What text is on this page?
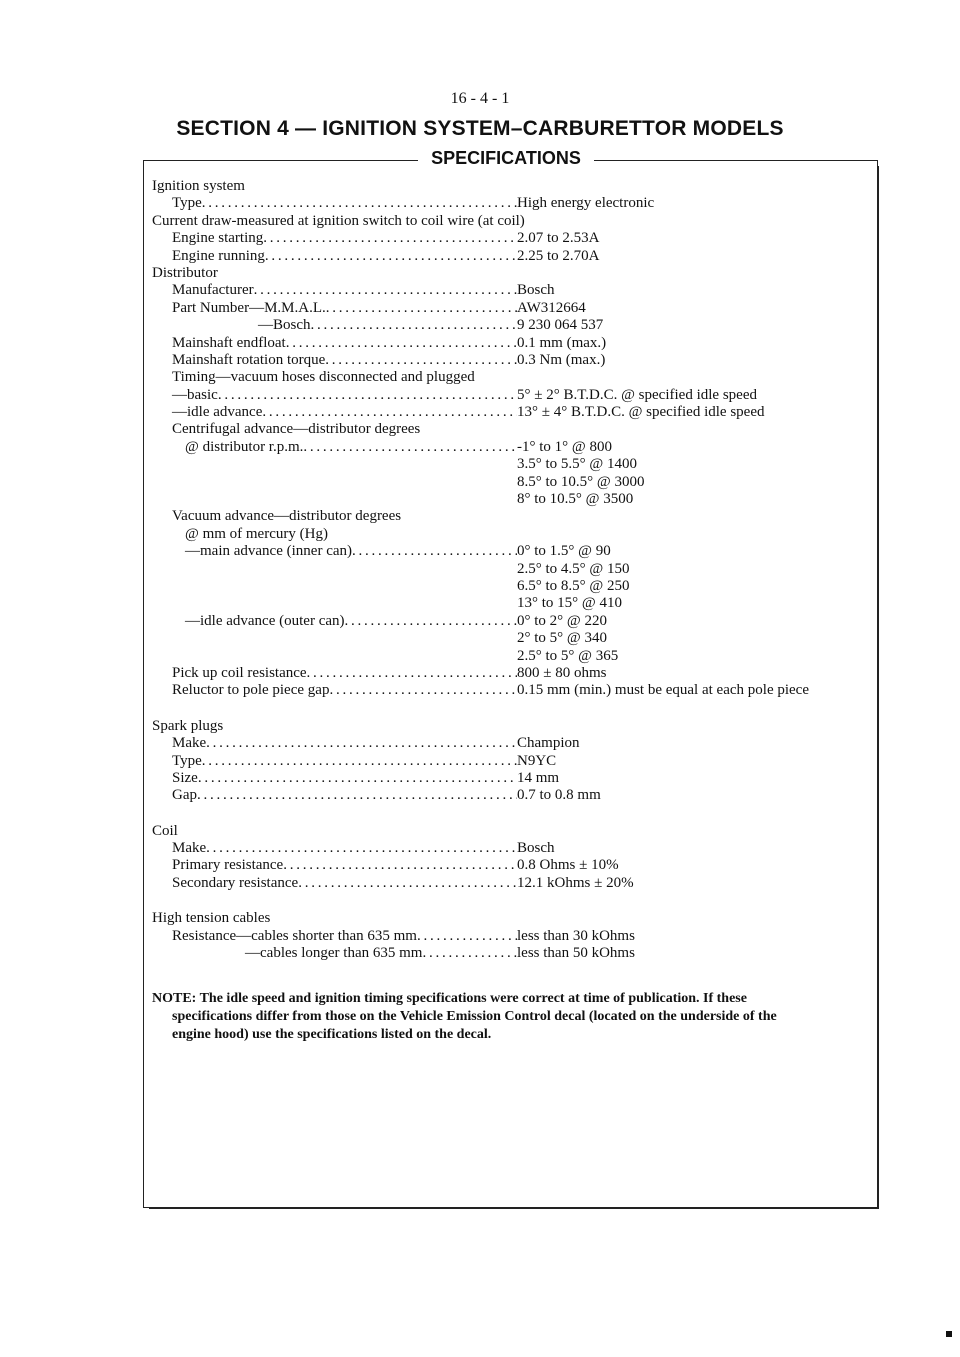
16 - 4 - 1
SECTION 4 — IGNITION SYSTEM–CARBURETTOR MODELS
SPECIFICATIONS
Ignition system
Type . . .	High energy electronic
Current draw-measured at ignition switch to coil wire (at coil)
Engine starting . . .	2.07 to 2.53A
Engine running . . .	2.25 to 2.70A
Distributor
Manufacturer . . .	Bosch
Part Number—M.M.A.L. . . .	AW312664
—Bosch . . .	9 230 064 537
Mainshaft endfloat . . .	0.1 mm (max.)
Mainshaft rotation torque . . .	0.3 Nm (max.)
Timing—vacuum hoses disconnected and plugged
—basic . . .	5° ± 2° B.T.D.C. @ specified idle speed
—idle advance . . .	13° ± 4° B.T.D.C. @ specified idle speed
Centrifugal advance—distributor degrees
@ distributor r.p.m. . . .	-1° to 1° @ 800
3.5° to 5.5° @ 1400
8.5° to 10.5° @ 3000
8° to 10.5° @ 3500
Vacuum advance—distributor degrees
@ mm of mercury (Hg)
—main advance (inner can) . . .	0° to 1.5° @ 90
2.5° to 4.5° @ 150
6.5° to 8.5° @ 250
13° to 15° @ 410
—idle advance (outer can) . . .	0° to 2° @ 220
2° to 5° @ 340
2.5° to 5° @ 365
Pick up coil resistance . . .	800 ± 80 ohms
Reluctor to pole piece gap . . .	0.15 mm (min.) must be equal at each pole piece
Spark plugs
Make . . .	Champion
Type . . .	N9YC
Size . . .	14 mm
Gap . . .	0.7 to 0.8 mm
Coil
Make . . .	Bosch
Primary resistance . . .	0.8 Ohms ± 10%
Secondary resistance . . .	12.1 kOhms ± 20%
High tension cables
Resistance—cables shorter than 635 mm . . .	less than 30 kOhms
—cables longer than 635 mm . . .	less than 50 kOhms
NOTE: The idle speed and ignition timing specifications were correct at time of publication. If these
specifications differ from those on the Vehicle Emission Control decal (located on the underside of the
engine hood) use the specifications listed on the decal.
